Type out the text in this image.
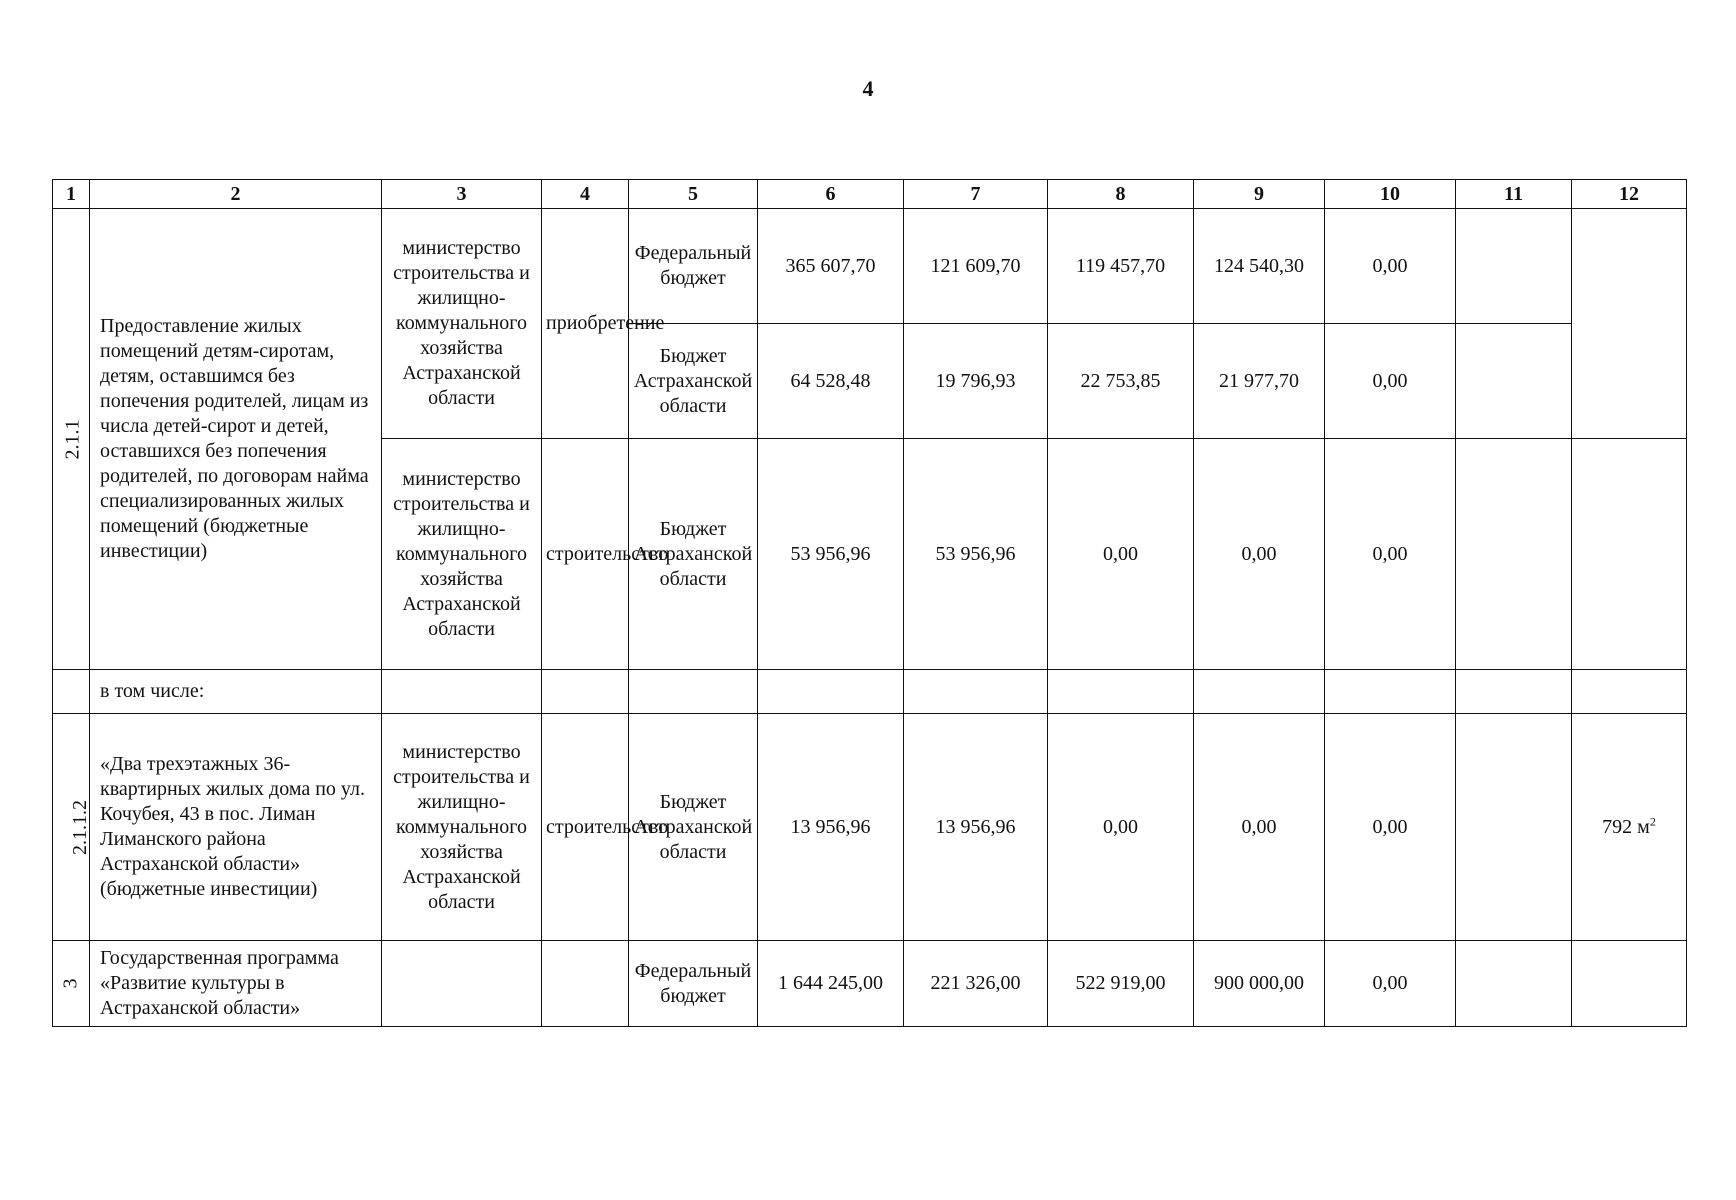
4
1	2	3	4	5	6	7	8	9	10	11	12
2.1.1	Предоставление жилых помещений детям-сиротам, детям, оставшимся без попечения родителей, лицам из числа детей-сирот и детей, оставшихся без попечения родителей, по договорам найма специализированных жилых помещений (бюджетные инвестиции)	министерство строительства и жилищно-коммунального хозяйства Астраханской области	приобретение	Федеральный бюджет	365 607,70	121 609,70	119 457,70	124 540,30	0,00		
				Бюджет Астраханской области	64 528,48	19 796,93	22 753,85	21 977,70	0,00		
		министерство строительства и жилищно-коммунального хозяйства Астраханской области	строительство	Бюджет Астраханской области	53 956,96	53 956,96	0,00	0,00	0,00		
	в том числе:										
2.1.1.2	«Два трехэтажных 36-квартирных жилых дома по ул. Кочубея, 43 в пос. Лиман Лиманского района Астраханской области» (бюджетные инвестиции)	министерство строительства и жилищно-коммунального хозяйства Астраханской области	строительство	Бюджет Астраханской области	13 956,96	13 956,96	0,00	0,00	0,00		792 $м^2$
3	Государственная программа «Развитие культуры в Астраханской области»			Федеральный бюджет	1 644 245,00	221 326,00	522 919,00	900 000,00	0,00		
